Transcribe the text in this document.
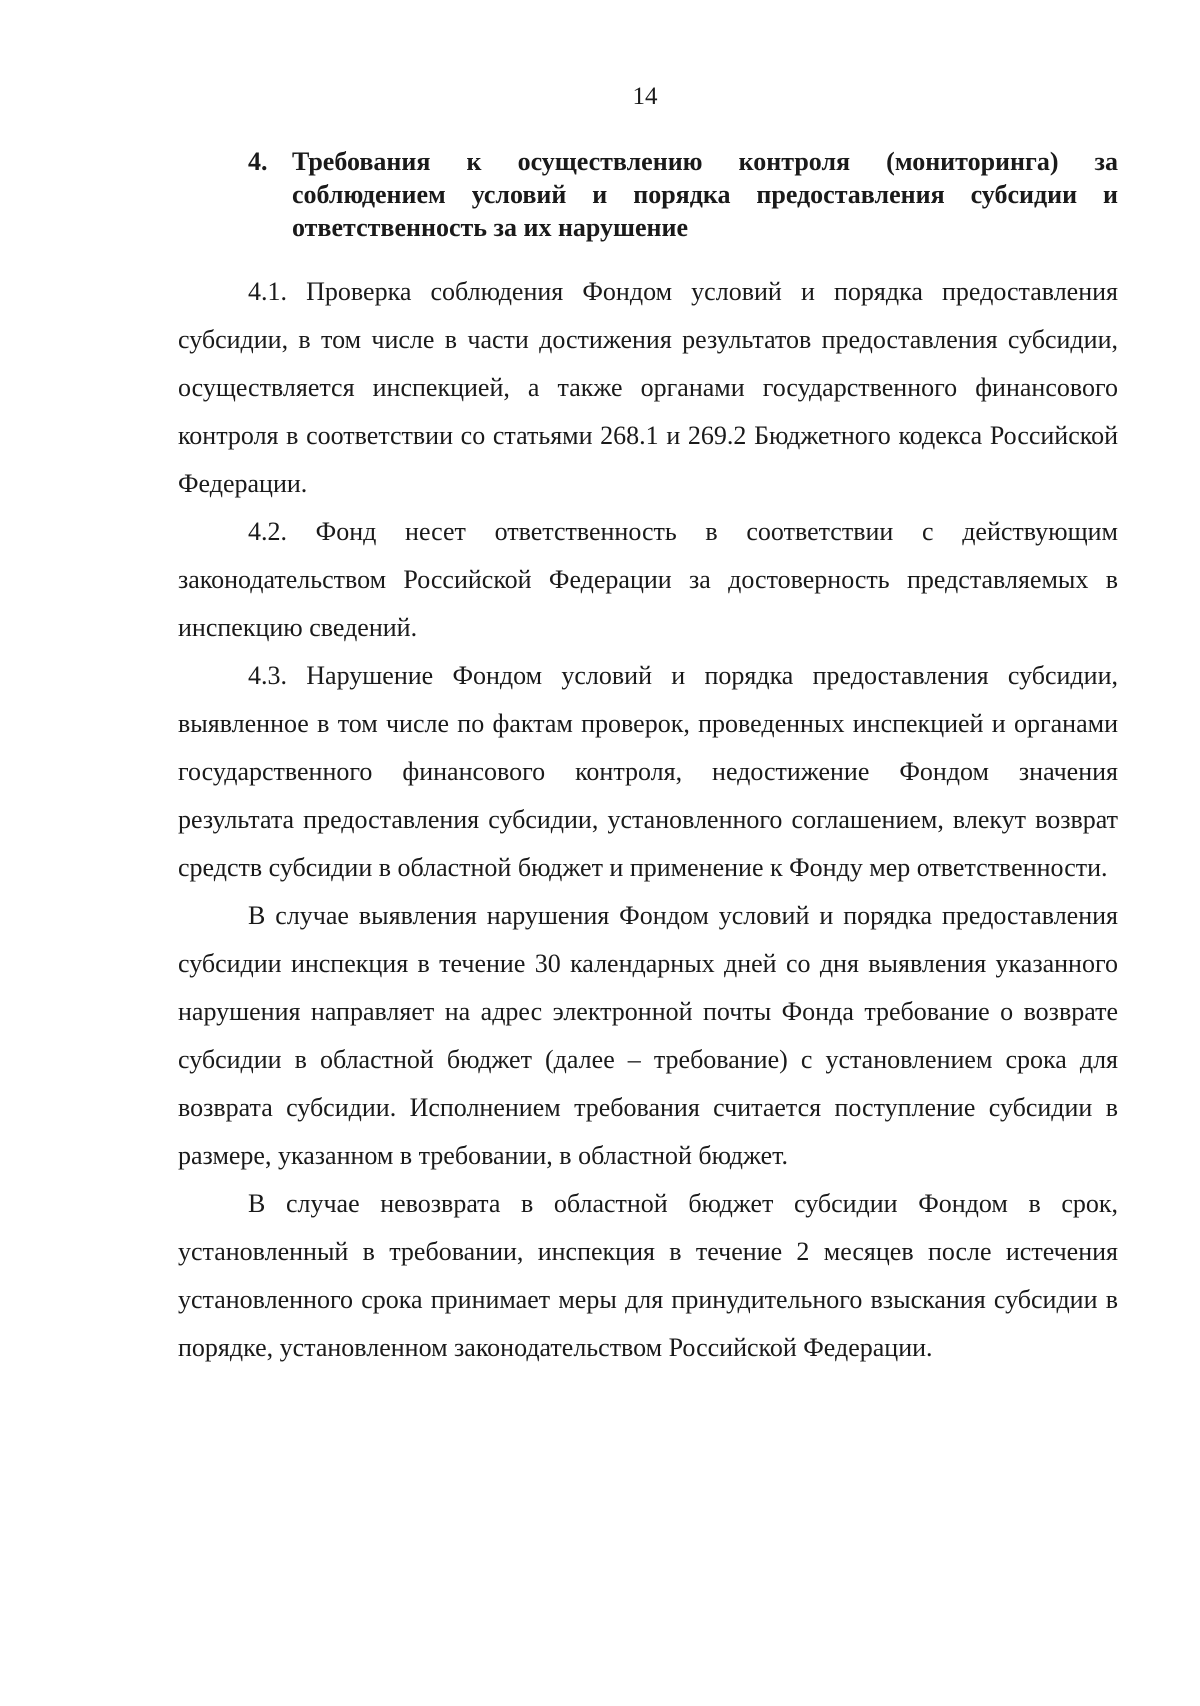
14
4. Требования к осуществлению контроля (мониторинга) за соблюдением условий и порядка предоставления субсидии и ответственность за их нарушение

4.1. Проверка соблюдения Фондом условий и порядка предоставления субсидии, в том числе в части достижения результатов предоставления субсидии, осуществляется инспекцией, а также органами государственного финансового контроля в соответствии со статьями 268.1 и 269.2 Бюджетного кодекса Российской Федерации.

4.2. Фонд несет ответственность в соответствии с действующим законодательством Российской Федерации за достоверность представляемых в инспекцию сведений.

4.3. Нарушение Фондом условий и порядка предоставления субсидии, выявленное в том числе по фактам проверок, проведенных инспекцией и органами государственного финансового контроля, недостижение Фондом значения результата предоставления субсидии, установленного соглашением, влекут возврат средств субсидии в областной бюджет и применение к Фонду мер ответственности.

В случае выявления нарушения Фондом условий и порядка предоставления субсидии инспекция в течение 30 календарных дней со дня выявления указанного нарушения направляет на адрес электронной почты Фонда требование о возврате субсидии в областной бюджет (далее – требование) с установлением срока для возврата субсидии. Исполнением требования считается поступление субсидии в размере, указанном в требовании, в областной бюджет.

В случае невозврата в областной бюджет субсидии Фондом в срок, установленный в требовании, инспекция в течение 2 месяцев после истечения установленного срока принимает меры для принудительного взыскания субсидии в порядке, установленном законодательством Российской Федерации.
